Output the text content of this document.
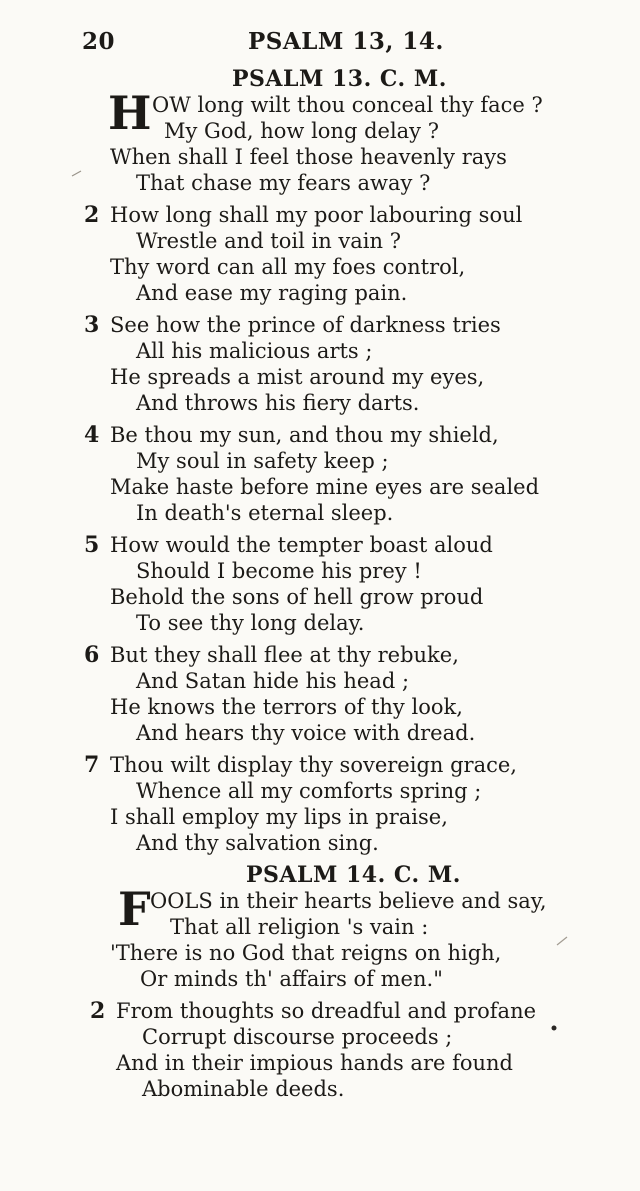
20	PSALM 13, 14.
PSALM 13. C. M.
H OW long wilt thou conceal thy face ?
My God, how long delay ?
When shall I feel those heavenly rays
That chase my fears away ?
2 How long shall my poor labouring soul
Wrestle and toil in vain ?
Thy word can all my foes control,
And ease my raging pain.
3 See how the prince of darkness tries
All his malicious arts ;
He spreads a mist around my eyes,
And throws his fiery darts.
4 Be thou my sun, and thou my shield,
My soul in safety keep ;
Make haste before mine eyes are sealed
In death's eternal sleep.
5 How would the tempter boast aloud
Should I become his prey !
Behold the sons of hell grow proud
To see thy long delay.
6 But they shall flee at thy rebuke,
And Satan hide his head ;
He knows the terrors of thy look,
And hears thy voice with dread.
7 Thou wilt display thy sovereign grace,
Whence all my comforts spring ;
I shall employ my lips in praise,
And thy salvation sing.
PSALM 14. C. M.
F OOLS in their hearts believe and say,
That all religion 's vain :
'There is no God that reigns on high,
Or minds th' affairs of men."
2 From thoughts so dreadful and profane
Corrupt discourse proceeds ;
And in their impious hands are found
Abominable deeds.
